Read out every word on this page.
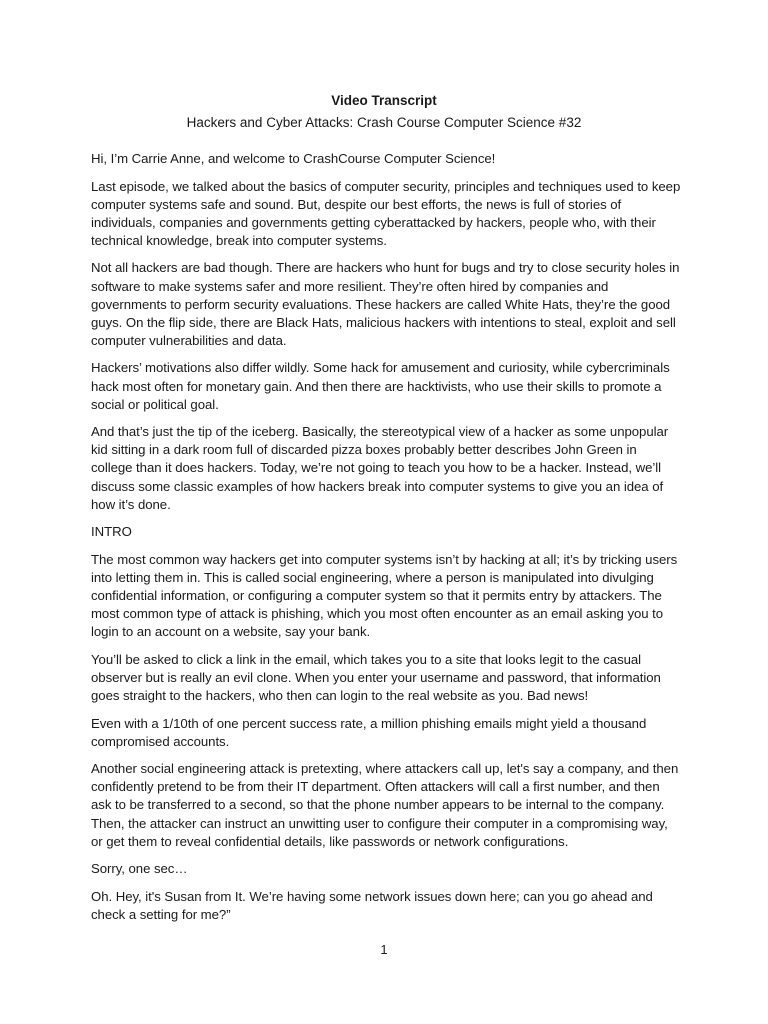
Video Transcript
Hackers and Cyber Attacks: Crash Course Computer Science #32

Hi, I’m Carrie Anne, and welcome to CrashCourse Computer Science!

Last episode, we talked about the basics of computer security, principles and techniques used to keep computer systems safe and sound. But, despite our best efforts, the news is full of stories of individuals, companies and governments getting cyberattacked by hackers, people who, with their technical knowledge, break into computer systems.

Not all hackers are bad though. There are hackers who hunt for bugs and try to close security holes in software to make systems safer and more resilient. They’re often hired by companies and governments to perform security evaluations. These hackers are called White Hats, they’re the good guys. On the flip side, there are Black Hats, malicious hackers with intentions to steal, exploit and sell computer vulnerabilities and data.

Hackers’ motivations also differ wildly. Some hack for amusement and curiosity, while cybercriminals hack most often for monetary gain. And then there are hacktivists, who use their skills to promote a social or political goal.

And that’s just the tip of the iceberg. Basically, the stereotypical view of a hacker as some unpopular kid sitting in a dark room full of discarded pizza boxes probably better describes John Green in college than it does hackers. Today, we’re not going to teach you how to be a hacker. Instead, we’ll discuss some classic examples of how hackers break into computer systems to give you an idea of how it’s done.

INTRO

The most common way hackers get into computer systems isn’t by hacking at all; it’s by tricking users into letting them in. This is called social engineering, where a person is manipulated into divulging confidential information, or configuring a computer system so that it permits entry by attackers. The most common type of attack is phishing, which you most often encounter as an email asking you to login to an account on a website, say your bank.

You’ll be asked to click a link in the email, which takes you to a site that looks legit to the casual observer but is really an evil clone. When you enter your username and password, that information goes straight to the hackers, who then can login to the real website as you. Bad news!

Even with a 1/10th of one percent success rate, a million phishing emails might yield a thousand compromised accounts.

Another social engineering attack is pretexting, where attackers call up, let's say a company, and then confidently pretend to be from their IT department. Often attackers will call a first number, and then ask to be transferred to a second, so that the phone number appears to be internal to the company. Then, the attacker can instruct an unwitting user to configure their computer in a compromising way, or get them to reveal confidential details, like passwords or network configurations.

Sorry, one sec…

Oh. Hey, it's Susan from It. We’re having some network issues down here; can you go ahead and check a setting for me?”

1
